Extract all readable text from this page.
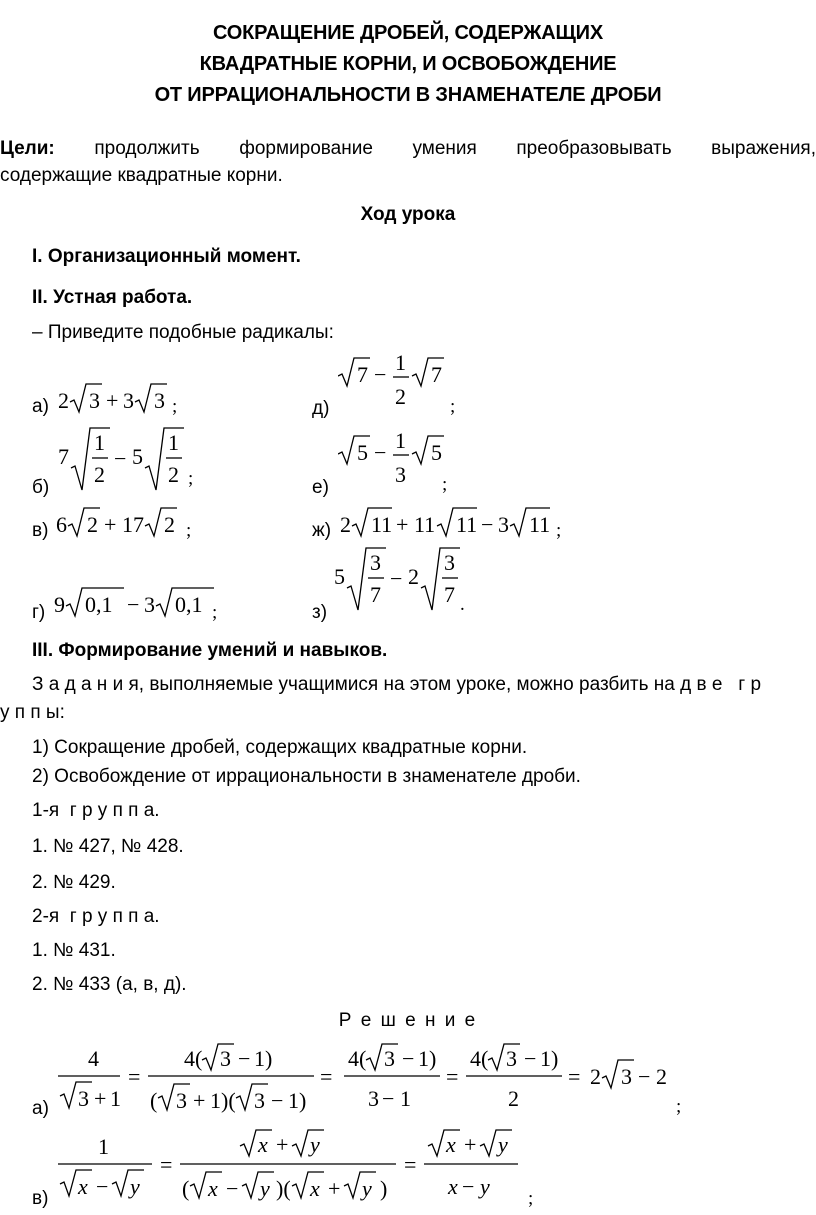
СОКРАЩЕНИЕ ДРОБЕЙ, СОДЕРЖАЩИХ
КВАДРАТНЫЕ КОРНИ, И ОСВОБОЖДЕНИЕ
ОТ ИРРАЦИОНАЛЬНОСТИ В ЗНАМЕНАТЕЛЕ ДРОБИ
Цели: продолжить формирование умения преобразовывать выражения,
содержащие квадратные корни.
Ход урока
I. Организационный момент.
II. Устная работа.
– Приведите подобные радикалы:
а) 2 3 + 3 3 ;
б)
7
1
2
− 5
1
2 ;
в) 6 2 + 17 2 ;
г) 9 0,1 − 3 0,1 ;
д)
7 − 1
2
7
;
е)
5 − 1
3
5
;
ж) 2 11 + 11 11 − 3 11 ;
з)
5
3
7
− 2
3
7 .
III. Формирование умений и навыков.
З а д а н и я, выполняемые учащимися на этом уроке, можно разбить на д в е   г р
у п п ы:
1) Сокращение дробей, содержащих квадратные корни.
2) Освобождение от иррациональности в знаменателе дроби.
1-я  г р у п п а.
1. № 427, № 428.
2. № 429.
2-я  г р у п п а.
1. № 431.
2. № 433 (а, в, д).
Р е ш е н и е
а)
4
3 + 1
=
4( 3 − 1)
( 3 + 1)( 3 − 1)
=
4( 3 − 1)
3 − 1
=
4( 3 − 1)
2
= 2 3 − 2
;
в)
1
x − y
=
x + y
( x − y )( x + y )
=
x + y
x − y ;
